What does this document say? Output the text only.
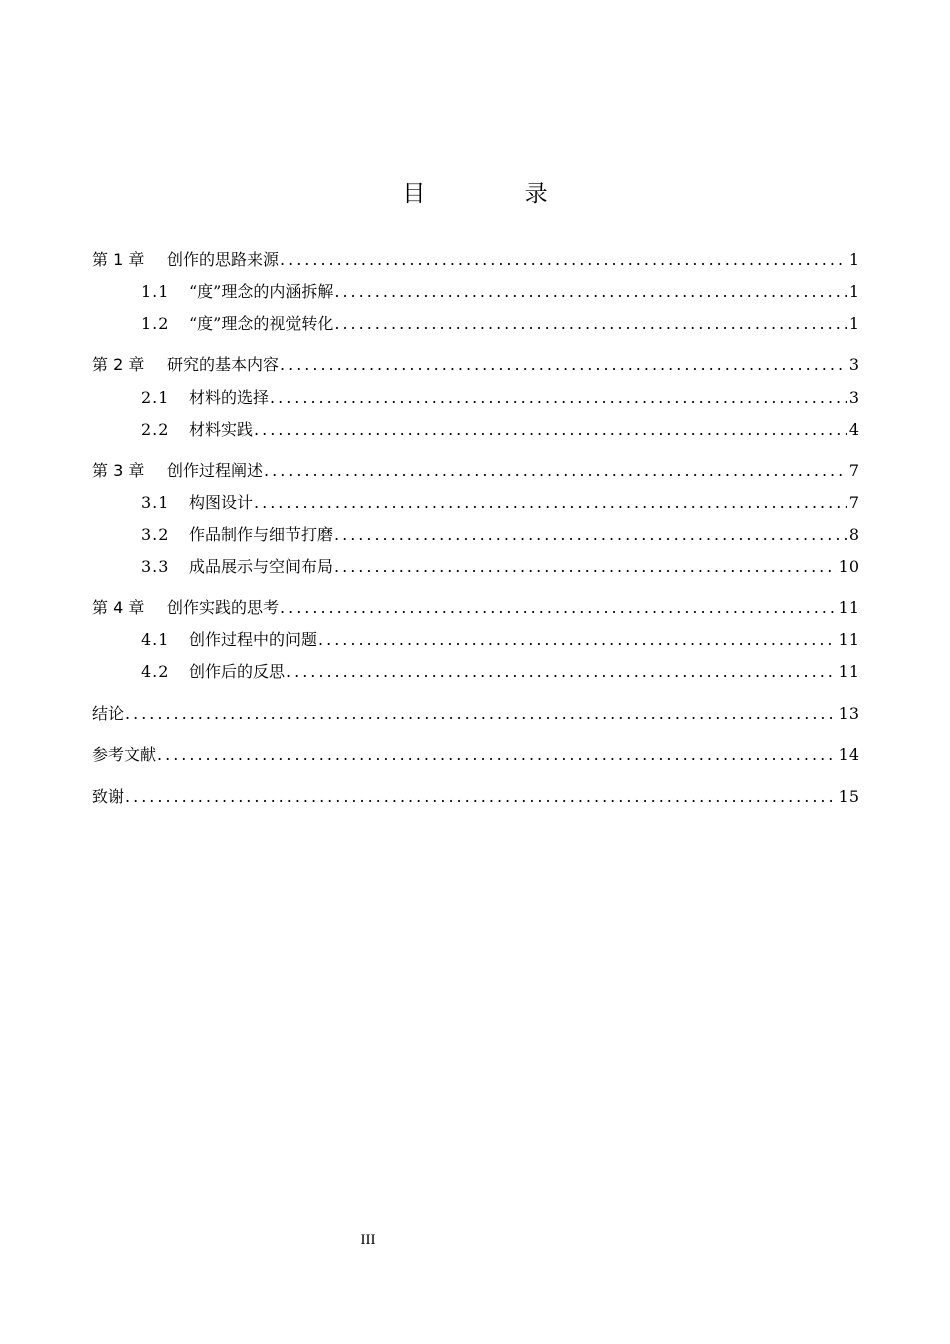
目 录
第 1 章	创作的思路来源 .....	1
1.1	“度”理念的内涵拆解 .....	1
1.2	“度”理念的视觉转化 .....	1
第 2 章	研究的基本内容 .....	3
2.1	材料的选择 .....	3
2.2	材料实践 .....	4
第 3 章	创作过程阐述 .....	7
3.1	构图设计 .....	7
3.2	作品制作与细节打磨 .....	8
3.3	成品展示与空间布局 .....	10
第 4 章	创作实践的思考 .....	11
4.1	创作过程中的问题 .....	11
4.2	创作后的反思 .....	11
结论 .....	13
参考文献 .....	14
致谢 .....	15
III
